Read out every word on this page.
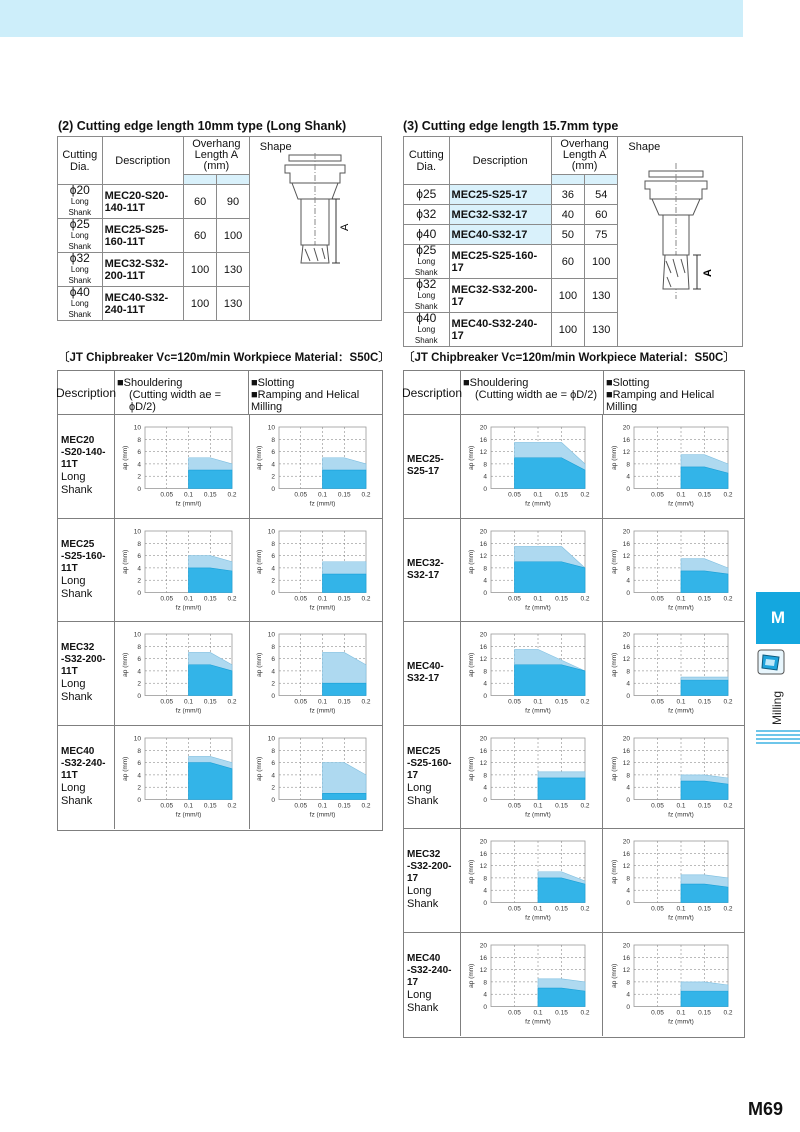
(2) Cutting edge length 10mm type (Long Shank)
Cutting Dia.	Description	Overhang Length A
(mm)		Shape
A

ϕ20
Long Shank	MEC20-S20-140-11T	60	90	

ϕ25
Long Shank	MEC25-S25-160-11T	60	100	

ϕ32
Long Shank	MEC32-S32-200-11T	100	130	

ϕ40
Long Shank	MEC40-S32-240-11T	100	130	
(3) Cutting edge length 15.7mm type
Cutting Dia.	Description	Overhang Length A
(mm)		Shape
A

ϕ25	MEC25-S25-17	36	54	

ϕ32	MEC32-S32-17	40	60	

ϕ40	MEC40-S32-17	50	75	

ϕ25
Long Shank	MEC25-S25-160-17	60	100	

ϕ32
Long Shank	MEC32-S32-200-17	100	130	

ϕ40
Long Shank	MEC40-S32-240-17	100	130	
〔JT Chipbreaker Vc=120m/min Workpiece Material：S50C〕 〔JT Chipbreaker Vc=120m/min Workpiece Material：S50C〕
Description
■Shouldering
(Cutting width ae = ϕD/2)
■Slotting
■Ramping and Helical Milling
MEC20
-S20-140-11T
Long Shank	0
2
4
6
8
10
0.05 0.1 0.15 0.2
fz (mm/t)
ap (mm)
0
2
4
6
8
10
0.05 0.1 0.15 0.2
fz (mm/t)
ap (mm)
MEC25
-S25-160-11T
Long Shank	0
2
4
6
8
10
0.05 0.1 0.15 0.2
fz (mm/t)
ap (mm)
0
2
4
6
8
10
0.05 0.1 0.15 0.2
fz (mm/t)
ap (mm)
MEC32
-S32-200-11T
Long Shank	0
2
4
6
8
10
0.05 0.1 0.15 0.2
fz (mm/t)
ap (mm)
0
2
4
6
8
10
0.05 0.1 0.15 0.2
fz (mm/t)
ap (mm)
MEC40
-S32-240-11T
Long Shank	0
2
4
6
8
10
0.05 0.1 0.15 0.2
fz (mm/t)
ap (mm)
0
2
4
6
8
10
0.05 0.1 0.15 0.2
fz (mm/t)
ap (mm)
Description
■Shouldering
(Cutting width ae = ϕD/2)
■Slotting
■Ramping and Helical Milling
MEC25-S25-17
0
4
8
12
16
20
0.05 0.1 0.15 0.2
fz (mm/t)
ap (mm)
0
4
8
12
16
20
0.05 0.1 0.15 0.2
fz (mm/t)
ap (mm)
MEC32-S32-17
0
4
8
12
16
20
0.05 0.1 0.15 0.2
fz (mm/t)
ap (mm)
0
4
8
12
16
20
0.05 0.1 0.15 0.2
fz (mm/t)
ap (mm)
MEC40-S32-17
0
4
8
12
16
20
0.05 0.1 0.15 0.2
fz (mm/t)
ap (mm)
0
4
8
12
16
20
0.05 0.1 0.15 0.2
fz (mm/t)
ap (mm)
MEC25
-S25-160-17
Long Shank	0
4
8
12
16
20
0.05 0.1 0.15 0.2
fz (mm/t)
ap (mm)
0
4
8
12
16
20
0.05 0.1 0.15 0.2
fz (mm/t)
ap (mm)
MEC32
-S32-200-17
Long Shank	0
4
8
12
16
20
0.05 0.1 0.15 0.2
fz (mm/t)
ap (mm)
0
4
8
12
16
20
0.05 0.1 0.15 0.2
fz (mm/t)
ap (mm)
MEC40
-S32-240-17
Long Shank	0
4
8
12
16
20
0.05 0.1 0.15 0.2
fz (mm/t)
ap (mm)
0
4
8
12
16
20
0.05 0.1 0.15 0.2
fz (mm/t)
ap (mm)
M
Milling
M69
